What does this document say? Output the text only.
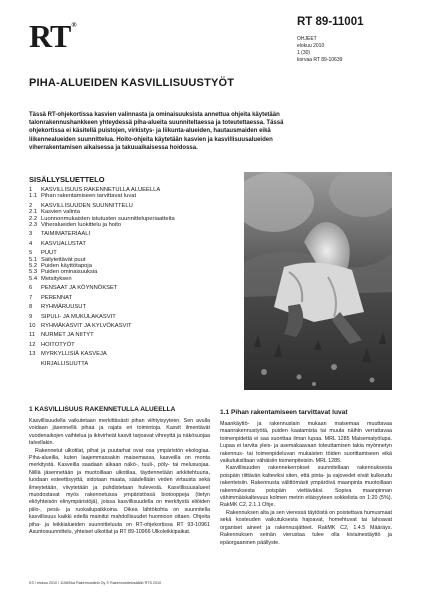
RT®	RT 89-11001
OHJEET
elokuu 2010
1 (30)
korvaa RT 89-10639
PIHA-ALUEIDEN KASVILLISUUSTYÖT
Tässä RT-ohjekortissa kasvien valinnasta ja ominaisuuksista annettua ohjeita käytetään talonrakennushankkeen yhteydessä piha-alueita suunniteltaessa ja toteutettaessa. Tässä ohjekortissa ei käsitellä puistojen, virkistys- ja liikunta-alueiden, hautausmaiden eikä liikennealueiden suunnittelua. Hoito-ohjeita käytetään kasvien ja kasvillisuusalueiden viherrakentamisen aikaisessa ja takuuaikaisessa hoidossa.
SISÄLLYSLUETTELO
1	KASVILLISUUS RAKENNETULLA ALUEELLA
1.1 Pihan rakentamiseen tarvittavat luvat
2	KASVILLISUUDEN SUUNNITTELU
2.1 Kasvien valinta
2.2 Luonnonmukaisten istutusten suunnitteluperiaatteita
2.3 Viheralueiden luokittelu ja hoito
3	TAIMIMATERIAALI
4	KASVUALUSTAT
5	PUUT
5.1 Säilytettävät puut
5.2 Puiden käyttötapoja
5.3 Puiden ominaisuuksia
5.4 Metsityksen
6	PENSAAT JA KÖYNNÖKSET
7	PERENNAT
8	RYHMÄRUUSUT
9	SIPULI- JA MUKULAKASVIT
10 RYHMÄKASVIT JA KYLVÖKASVIT
11	NURMET JA NIITYT
12 HOITOTYÖT
13 MYRKYLLISIÄ KASVEJA
KIRJALLISUUTTA
1 KASVILLISUUS RAKENNETULLA ALUEELLA

Kasvillisuudella vaikutetaan merkittävästi pihan viihtyisyyteen. Sen avulla voidaan jäsennellä pihaa ja rajata eri toimintoja. Kasvit ilmentävät vuodenaikojen vaihtelua ja ikkvirheät kasvit tarjoavat vihreyttä ja näkösuojaa talvellakin.

Rakennetut ulkotilat, pihat ja puutarhat ovat osa ympäristön ekologiaa. Piha-alueilla, kuten laajemmassakin maisemassa, kasveilla on monta merkitystä. Kasveilla saadaan aikaan näkö-, tuuli-, pöly- tai melusuojaa. Niillä jäsennetään ja muotoillaan ulkotilaa, täydennetään arkkitehtuuria, luodaan esteettisyyttä, sidotaan maata, säädellään veden virtausta sekä ilmeytetään, viivytetään ja puhdistetaan hulevesiä. Kasvillisuusalueet muodostavat myös rakennetussa ympäristössä biotooppeja (tietyn eliöyhteisön elinympäristöjä), joissa kasvillisuudella on merkitystä eliöiden piilo-, pesä- ja ruokailupaikkoina. Oikea lähtökohta on suunnitella kasvillisuus kaikki edellä mainitut mahdollisuudet huomioon ottaen. Ohjeita piha- ja leikkialueiden suunnitteluuta on RT-ohjekortissa RT 93-10961 Asuntosuunnittelu, yhteiset ulkotilat ja RT 89-10966 Ulkoleikkipaikat.

1.1 Pihan rakentamiseen tarvittavat luvat

Maankäyttö- ja rakennuslain mukaan maisemaa muuttavaa maanrakennustyötä, puiden kaatamista tai muuta näihin verrattavaa toimenpidettä ei saa suorittaa ilman lupaa. MRL 1285 Maisematyölupa. Lupaa ei tarvita yleis- ja asemakaavaan toteuttamisen takia myönnetyn rakennus- tai toimenpideluvan mukaisten töiden suorittamiseen eikä vaikutuksiltaan vähäisiin toimenpiteisiin. MRL 1285.

Kasvillisuuden rakennekerrokset suunnitellaan rakennuksesta poispäin riittävän kalteviksi siten, että pinta- ja vajovedet eivät kulkeudu rakenteisiin. Rakennusta välittömästi ympäröivä maanpinta muotoillaan rakennuksesta poispäin viettäväksi. Sopiva maanpinnan vähimmäiskaltevuus kolmen metrin etäisyyteen sokkelista on 1:20 (5%). RakMK C2, 2.1.1 Ohje.

Rakennuksen alta ja sen vieressä täytöistä on poistettava humusmaat sekä kosteuden vaikutuksesta hajoavat, homehtuvat tai lahoavat organiset aineet ja rakennusjätteet. RakMK C2, 1.4.5 Määräys. Rakennuksen seinän vierustaa tulee olla kiviainestäyttö ja epäorgaaninen päällyste.

KS / elokuu 2010 / 11069/ka Rakennustieto Oy © Rakennustietosäätiö RTS 2010
